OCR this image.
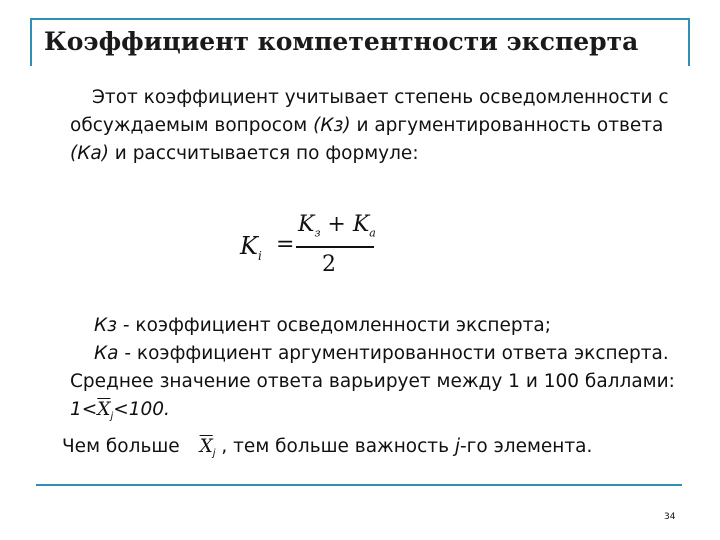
Коэффициент компетентности эксперта
Этот коэффициент учитывает степень осведомленности с обсуждаемым вопросом (Кз) и аргументированность ответа (Ка) и рассчитывается по формуле:
$K_i$ =
$K_з + K_а$
2
Кз - коэффициент осведомленности эксперта;
Ка - коэффициент аргументированности ответа эксперта. Среднее значение ответа варьирует между 1 и 100 баллами: $1<\overline{X}_j<100$.
Чем больше $\overline{X}_j$ , тем больше важность j-го элемента.
34
